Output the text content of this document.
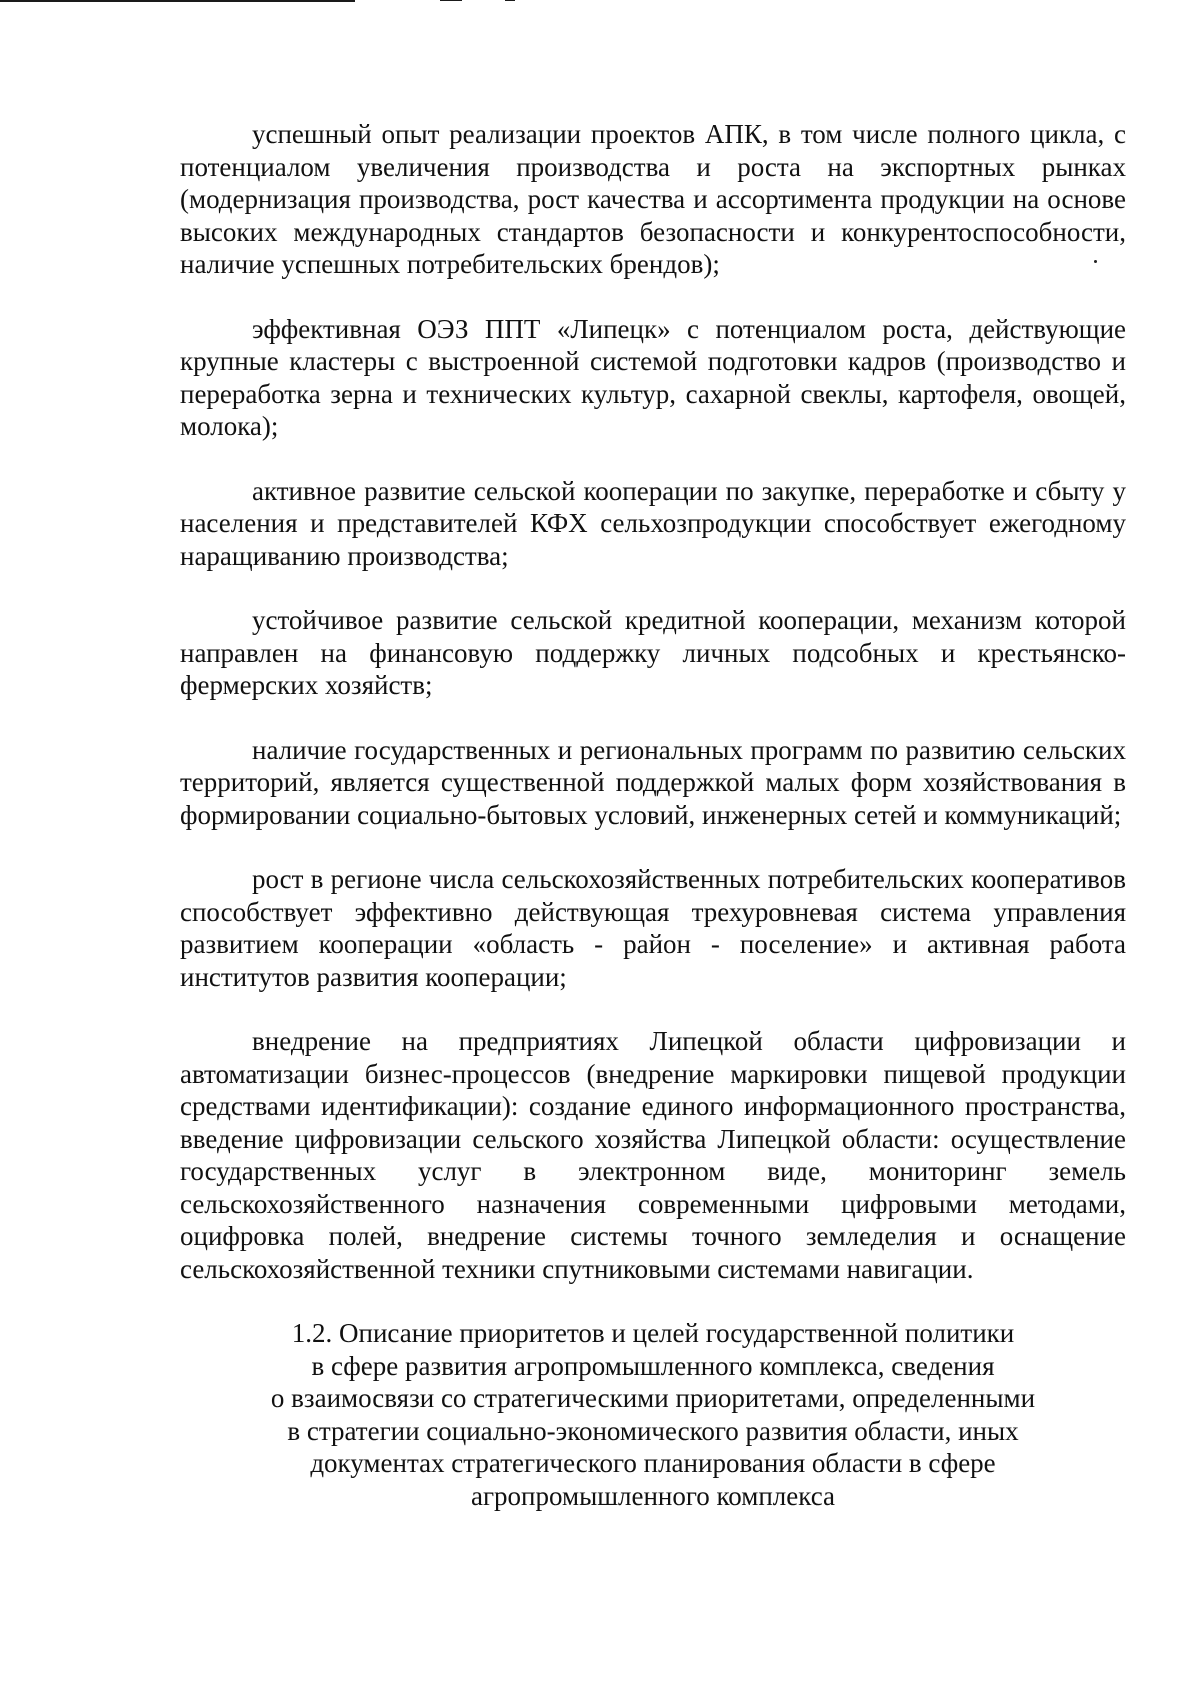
успешный опыт реализации проектов АПК, в том числе полного цикла, с потенциалом увеличения производства и роста на экспортных рынках (модернизация производства, рост качества и ассортимента продукции на основе высоких международных стандартов безопасности и конкурентоспособности, наличие успешных потребительских брендов);

эффективная ОЭЗ ППТ «Липецк» с потенциалом роста, действующие крупные кластеры с выстроенной системой подготовки кадров (производство и переработка зерна и технических культур, сахарной свеклы, картофеля, овощей, молока);

активное развитие сельской кооперации по закупке, переработке и сбыту у населения и представителей КФХ сельхозпродукции способствует ежегодному наращиванию производства;

устойчивое развитие сельской кредитной кооперации, механизм которой направлен на финансовую поддержку личных подсобных и крестьянско-фермерских хозяйств;

наличие государственных и региональных программ по развитию сельских территорий, является существенной поддержкой малых форм хозяйствования в формировании социально-бытовых условий, инженерных сетей и коммуникаций;

рост в регионе числа сельскохозяйственных потребительских кооперативов способствует эффективно действующая трехуровневая система управления развитием кооперации «область - район - поселение» и активная работа институтов развития кооперации;

внедрение на предприятиях Липецкой области цифровизации и автоматизации бизнес-процессов (внедрение маркировки пищевой продукции средствами идентификации): создание единого информационного пространства, введение цифровизации сельского хозяйства Липецкой области: осуществление государственных услуг в электронном виде, мониторинг земель сельскохозяйственного назначения современными цифровыми методами, оцифровка полей, внедрение системы точного земледелия и оснащение сельскохозяйственной техники спутниковыми системами навигации.

1.2. Описание приоритетов и целей государственной политики
в сфере развития агропромышленного комплекса, сведения
о взаимосвязи со стратегическими приоритетами, определенными
в стратегии социально-экономического развития области, иных
документах стратегического планирования области в сфере
агропромышленного комплекса
